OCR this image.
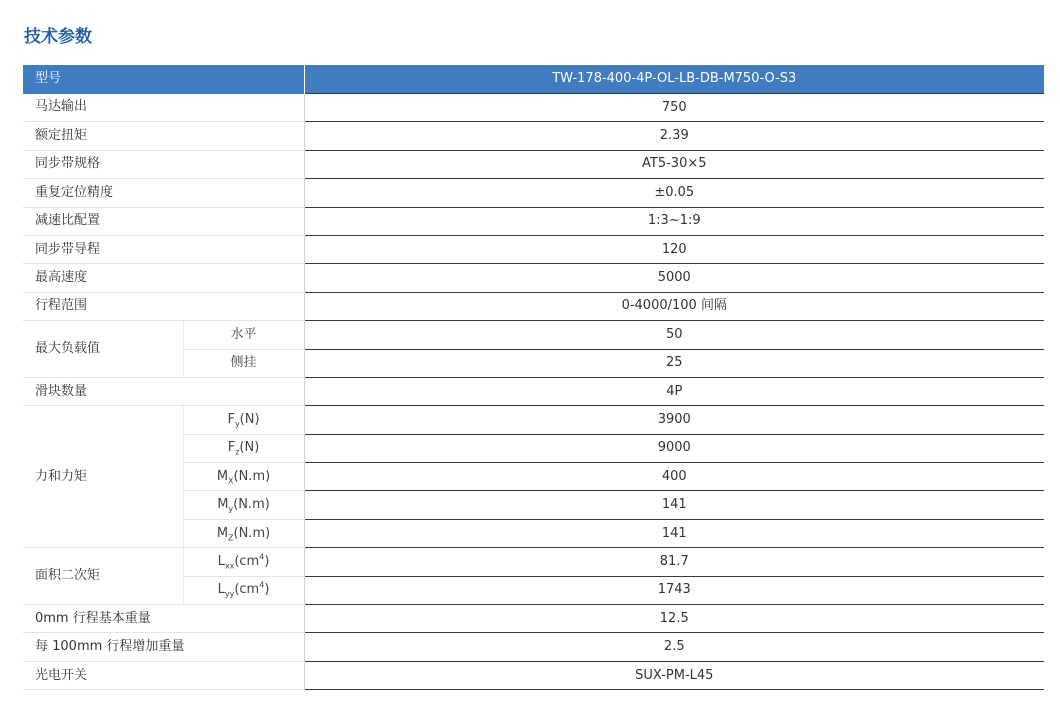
技术参数
型号		TW-178-400-4P-OL-LB-DB-M750-O-S3
马达输出		750
额定扭矩		2.39
同步带规格		AT5-30×5
重复定位精度		±0.05
减速比配置		1:3~1:9
同步带导程		120
最高速度		5000
行程范围		0-4000/100 间隔
最大负载值	水平	50
	侧挂	25
滑块数量		4P
力和力矩	$F_y(N)$	3900
	$F_z(N)$	9000
	$M_X(N.m)$	400
	$M_y(N.m)$	141
	$M_Z(N.m)$	141
面积二次矩	$L_{xx}(cm^4)$	81.7
	$L_{yy}(cm^4)$	1743
0mm 行程基本重量		12.5
每 100mm 行程增加重量		2.5
光电开关		SUX-PM-L45
